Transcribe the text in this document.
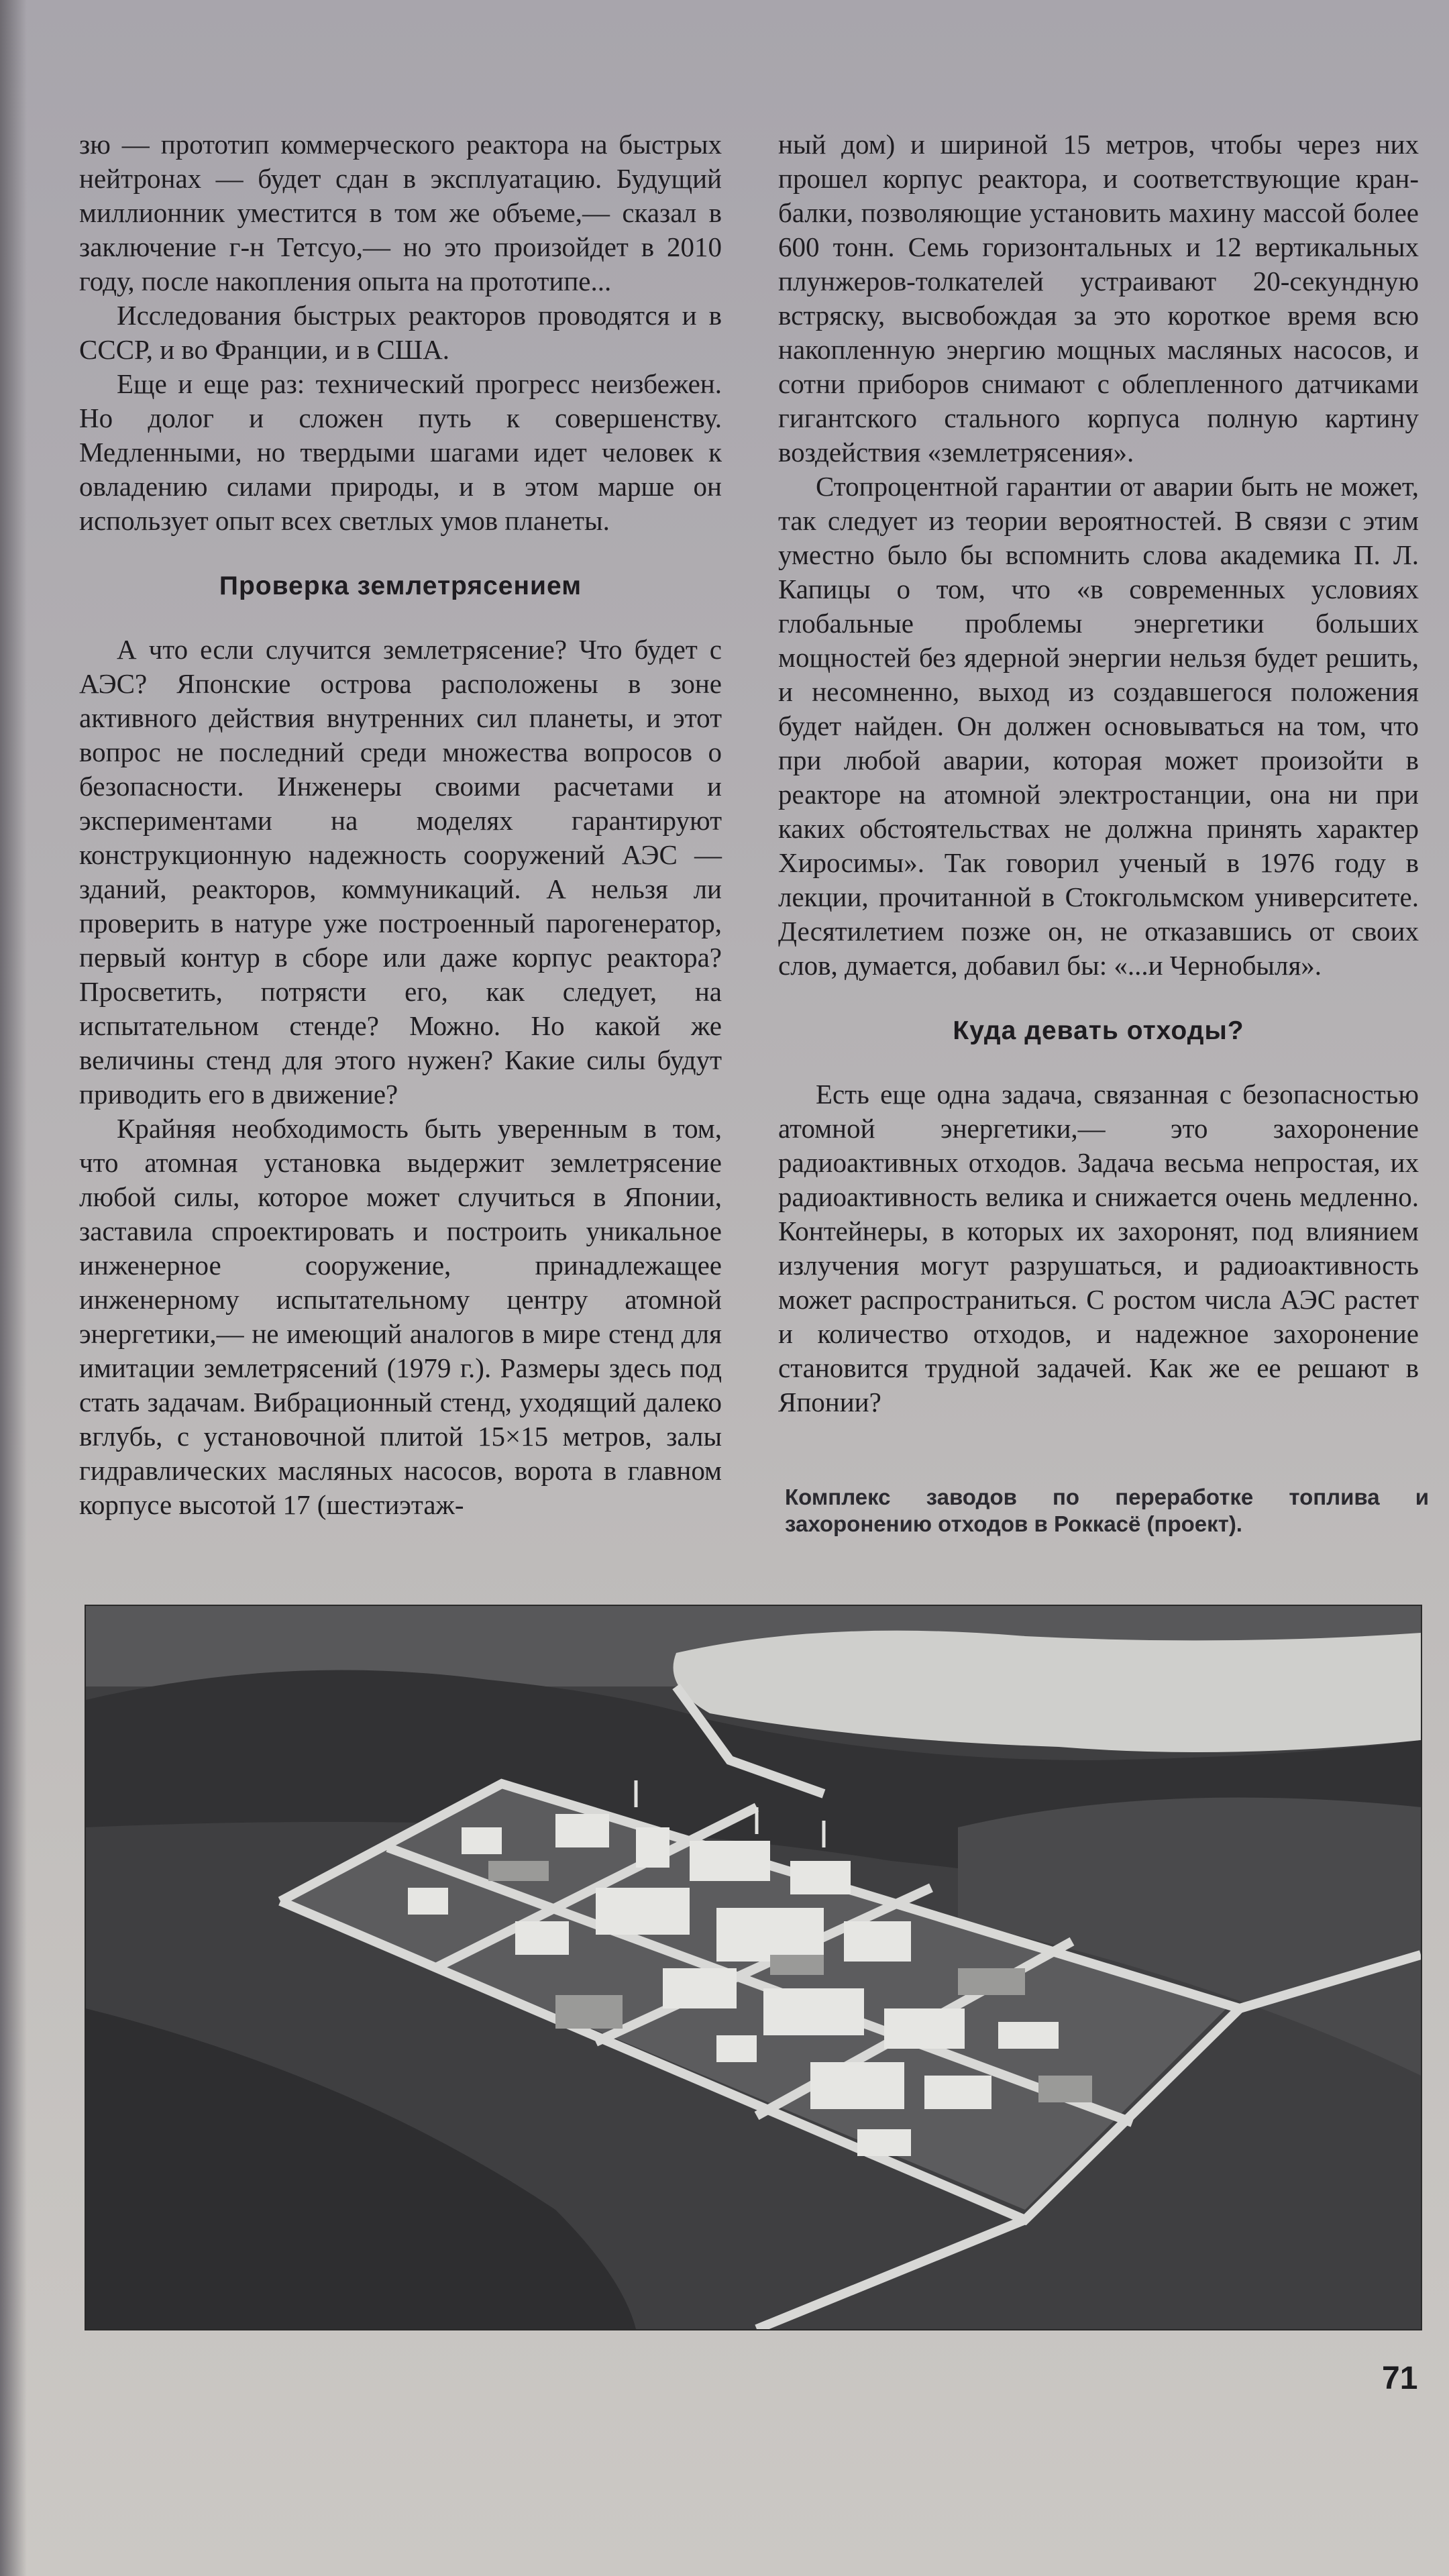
зю — прототип коммерческого реактора на быстрых нейтронах — будет сдан в эксплуатацию. Будущий миллионник уместится в том же объеме,— сказал в заключение г-н Тетсуо,— но это произойдет в 2010 году, после накопления опыта на прототипе...

Исследования быстрых реакторов проводятся и в СССР, и во Франции, и в США.

Еще и еще раз: технический прогресс неизбежен. Но долог и сложен путь к совершенству. Медленными, но твердыми шагами идет человек к овладению силами природы, и в этом марше он использует опыт всех светлых умов планеты.

Проверка землетрясением

А что если случится землетрясение? Что будет с АЭС? Японские острова расположены в зоне активного действия внутренних сил планеты, и этот вопрос не последний среди множества вопросов о безопасности. Инженеры своими расчетами и экспериментами на моделях гарантируют конструкционную надежность сооружений АЭС — зданий, реакторов, коммуникаций. А нельзя ли проверить в натуре уже построенный парогенератор, первый контур в сборе или даже корпус реактора? Просветить, потрясти его, как следует, на испытательном стенде? Можно. Но какой же величины стенд для этого нужен? Какие силы будут приводить его в движение?

Крайняя необходимость быть уверенным в том, что атомная установка выдержит землетрясение любой силы, которое может случиться в Японии, заставила спроектировать и построить уникальное инженерное сооружение, принадлежащее инженерному испытательному центру атомной энергетики,— не имеющий аналогов в мире стенд для имитации землетрясений (1979 г.). Размеры здесь под стать задачам. Вибрационный стенд, уходящий далеко вглубь, с установочной плитой 15×15 метров, залы гидравлических масляных насосов, ворота в главном корпусе высотой 17 (шестиэтаж-

ный дом) и шириной 15 метров, чтобы через них прошел корпус реактора, и соответствующие кран-балки, позволяющие установить махину массой более 600 тонн. Семь горизонтальных и 12 вертикальных плунжеров-толкателей устраивают 20-секундную встряску, высвобождая за это короткое время всю накопленную энергию мощных масляных насосов, и сотни приборов снимают с облепленного датчиками гигантского стального корпуса полную картину воздействия «землетрясения».

Стопроцентной гарантии от аварии быть не может, так следует из теории вероятностей. В связи с этим уместно было бы вспомнить слова академика П. Л. Капицы о том, что «в современных условиях глобальные проблемы энергетики больших мощностей без ядерной энергии нельзя будет решить, и несомненно, выход из создавшегося положения будет найден. Он должен основываться на том, что при любой аварии, которая может произойти в реакторе на атомной электростанции, она ни при каких обстоятельствах не должна принять характер Хиросимы». Так говорил ученый в 1976 году в лекции, прочитанной в Стокгольмском университете. Десятилетием позже он, не отказавшись от своих слов, думается, добавил бы: «...и Чернобыля».

Куда девать отходы?

Есть еще одна задача, связанная с безопасностью атомной энергетики,— это захоронение радиоактивных отходов. Задача весьма непростая, их радиоактивность велика и снижается очень медленно. Контейнеры, в которых их захоронят, под влиянием излучения могут разрушаться, и радиоактивность может распространиться. С ростом числа АЭС растет и количество отходов, и надежное захоронение становится трудной задачей. Как же ее решают в Японии?

Комплекс заводов по переработке топлива и захоронению отходов в Роккасё (проект).
71
